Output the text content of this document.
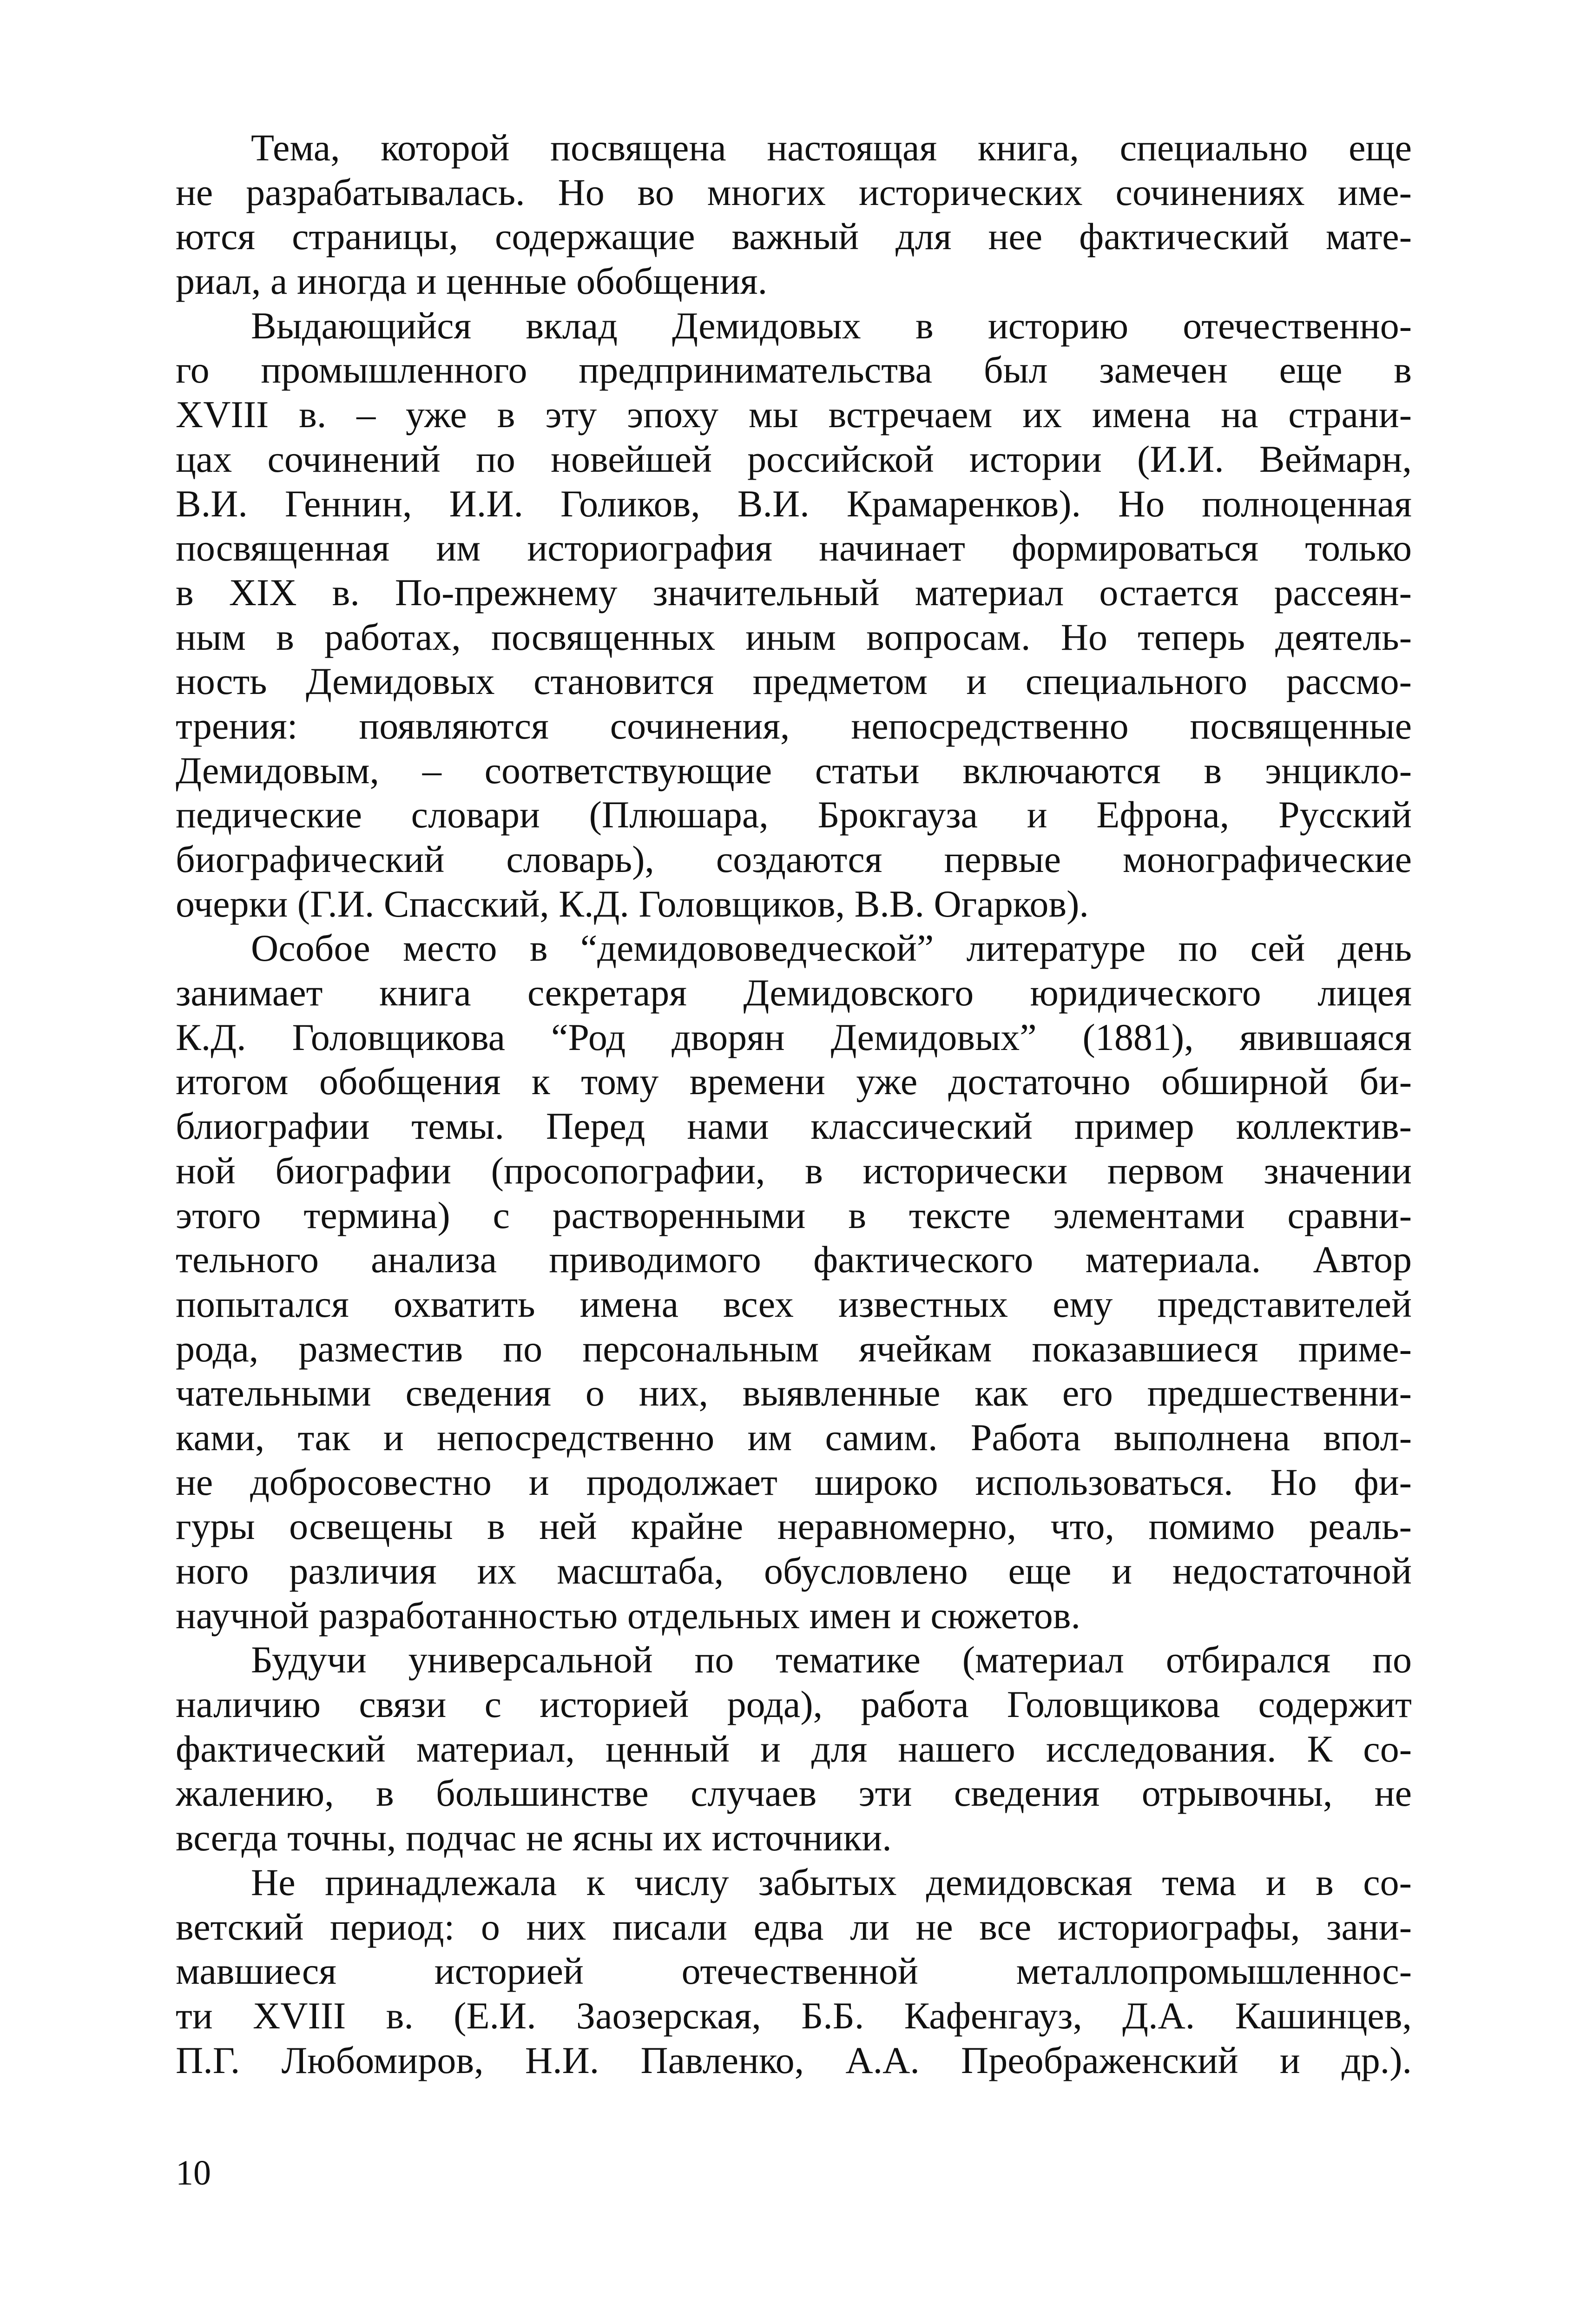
Тема, которой посвящена настоящая книга, специально еще
не разрабатывалась. Но во многих исторических сочинениях име-
ются страницы, содержащие важный для нее фактический мате-
риал, а иногда и ценные обобщения.
Выдающийся вклад Демидовых в историю отечественно-
го промышленного предпринимательства был замечен еще в
XVIII в. – уже в эту эпоху мы встречаем их имена на страни-
цах сочинений по новейшей российской истории (И.И. Веймарн,
В.И. Геннин, И.И. Голиков, В.И. Крамаренков). Но полноценная
посвященная им историография начинает формироваться только
в XIX в. По-прежнему значительный материал остается рассеян-
ным в работах, посвященных иным вопросам. Но теперь деятель-
ность Демидовых становится предметом и специального рассмо-
трения: появляются сочинения, непосредственно посвященные
Демидовым, – соответствующие статьи включаются в энцикло-
педические словари (Плюшара, Брокгауза и Ефрона, Русский
биографический словарь), создаются первые монографические
очерки (Г.И. Спасский, К.Д. Головщиков, В.В. Огарков).
Особое место в “демидововедческой” литературе по сей день
занимает книга секретаря Демидовского юридического лицея
К.Д. Головщикова “Род дворян Демидовых” (1881), явившаяся
итогом обобщения к тому времени уже достаточно обширной би-
блиографии темы. Перед нами классический пример коллектив-
ной биографии (просопографии, в исторически первом значении
этого термина) с растворенными в тексте элементами сравни-
тельного анализа приводимого фактического материала. Автор
попытался охватить имена всех известных ему представителей
рода, разместив по персональным ячейкам показавшиеся приме-
чательными сведения о них, выявленные как его предшественни-
ками, так и непосредственно им самим. Работа выполнена впол-
не добросовестно и продолжает широко использоваться. Но фи-
гуры освещены в ней крайне неравномерно, что, помимо реаль-
ного различия их масштаба, обусловлено еще и недостаточной
научной разработанностью отдельных имен и сюжетов.
Будучи универсальной по тематике (материал отбирался по
наличию связи с историей рода), работа Головщикова содержит
фактический материал, ценный и для нашего исследования. К со-
жалению, в большинстве случаев эти сведения отрывочны, не
всегда точны, подчас не ясны их источники.
Не принадлежала к числу забытых демидовская тема и в со-
ветский период: о них писали едва ли не все историографы, зани-
мавшиеся историей отечественной металлопромышленнос-
ти XVIII в. (Е.И. Заозерская, Б.Б. Кафенгауз, Д.А. Кашинцев,
П.Г. Любомиров, Н.И. Павленко, А.А. Преображенский и др.).
10
